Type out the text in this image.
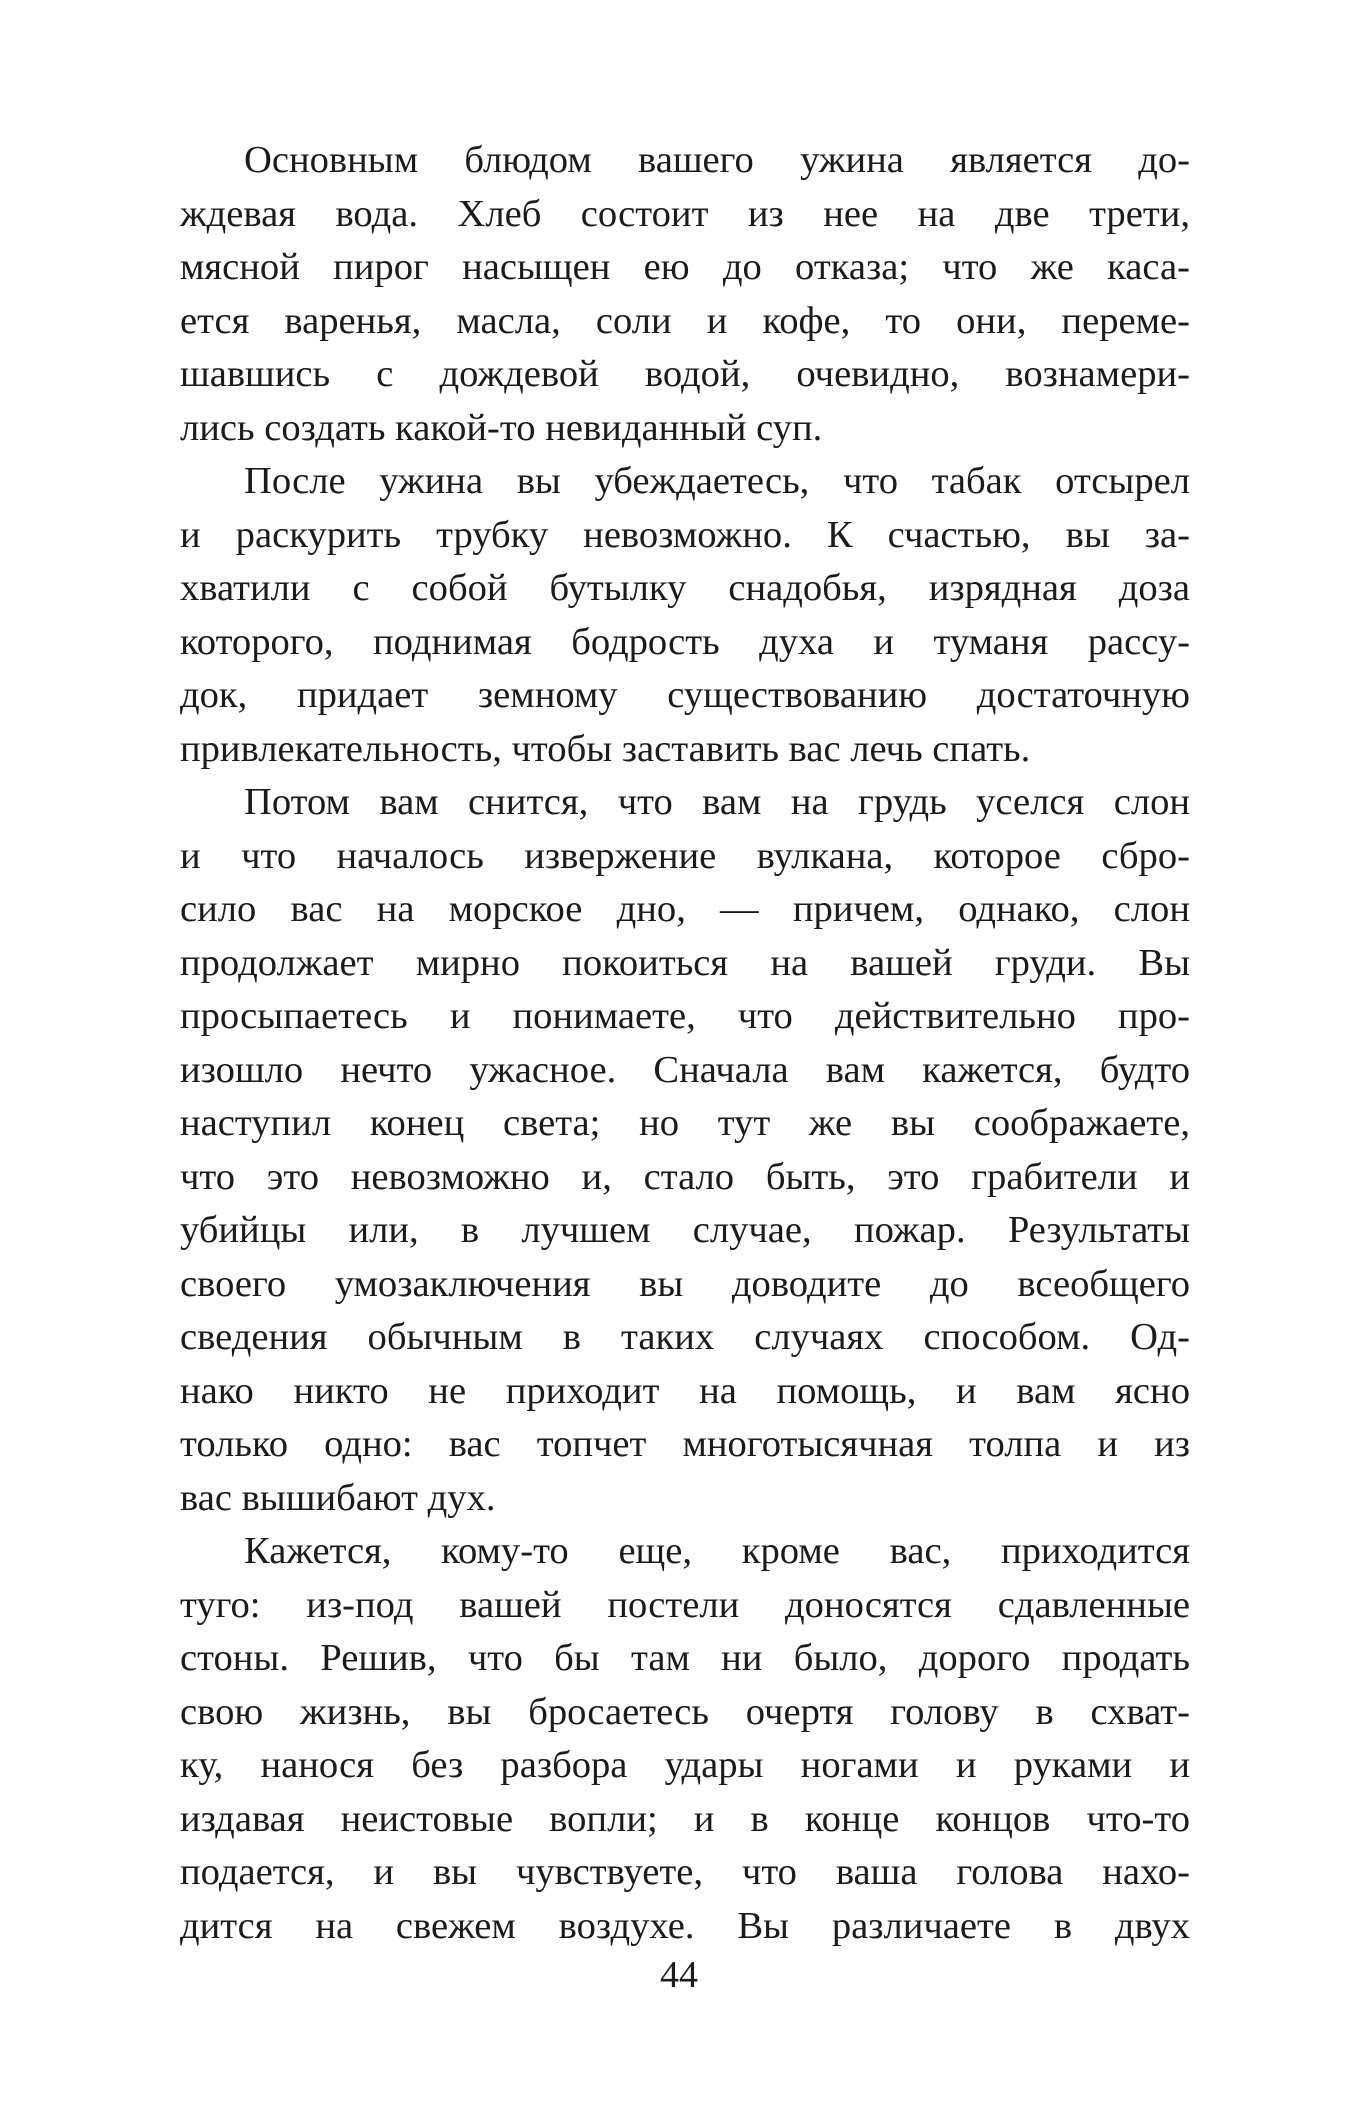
Основным блюдом вашего ужина является до-
ждевая вода. Хлеб состоит из нее на две трети,
мясной пирог насыщен ею до отказа; что же каса-
ется варенья, масла, соли и кофе, то они, переме-
шавшись с дождевой водой, очевидно, вознамери-
лись создать какой-то невиданный суп.
После ужина вы убеждаетесь, что табак отсырел
и раскурить трубку невозможно. К счастью, вы за-
хватили с собой бутылку снадобья, изрядная доза
которого, поднимая бодрость духа и туманя рассу-
док, придает земному существованию достаточную
привлекательность, чтобы заставить вас лечь спать.
Потом вам снится, что вам на грудь уселся слон
и что началось извержение вулкана, которое сбро-
сило вас на морское дно, — причем, однако, слон
продолжает мирно покоиться на вашей груди. Вы
просыпаетесь и понимаете, что действительно про-
изошло нечто ужасное. Сначала вам кажется, будто
наступил конец света; но тут же вы соображаете,
что это невозможно и, стало быть, это грабители и
убийцы или, в лучшем случае, пожар. Результаты
своего умозаключения вы доводите до всеобщего
сведения обычным в таких случаях способом. Од-
нако никто не приходит на помощь, и вам ясно
только одно: вас топчет многотысячная толпа и из
вас вышибают дух.
Кажется, кому-то еще, кроме вас, приходится
туго: из-под вашей постели доносятся сдавленные
стоны. Решив, что бы там ни было, дорого продать
свою жизнь, вы бросаетесь очертя голову в схват-
ку, нанося без разбора удары ногами и руками и
издавая неистовые вопли; и в конце концов что-то
подается, и вы чувствуете, что ваша голова нахо-
дится на свежем воздухе. Вы различаете в двух
44
